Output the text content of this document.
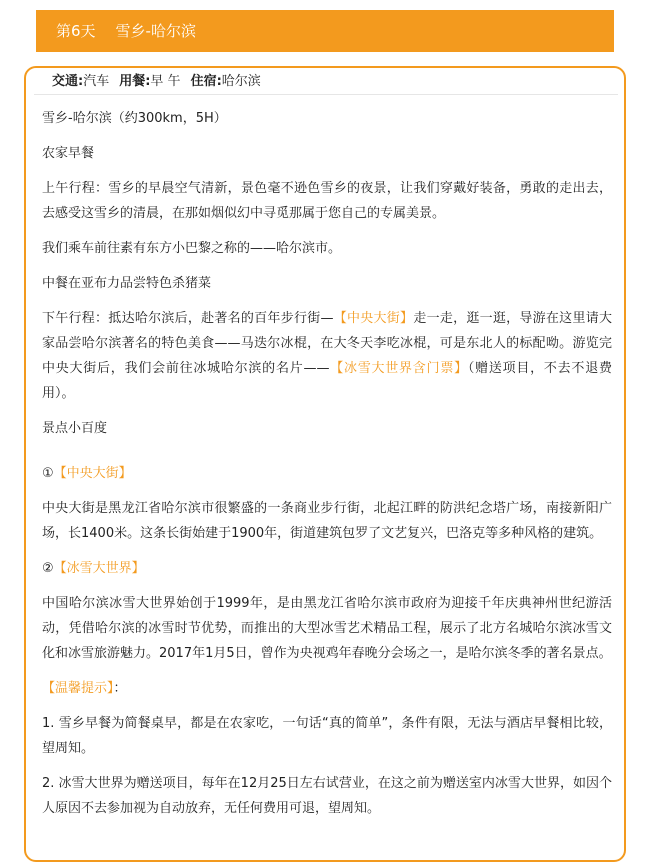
第6天 雪乡-哈尔滨
交通:汽车 用餐:早 午 住宿:哈尔滨

雪乡-哈尔滨（约300km，5H）

农家早餐

上午行程：雪乡的早晨空气清新，景色毫不逊色雪乡的夜景，让我们穿戴好装备，勇敢的走出去，去感受这雪乡的清晨，在那如烟似幻中寻觅那属于您自己的专属美景。

我们乘车前往素有东方小巴黎之称的——哈尔滨市。

中餐在亚布力品尝特色杀猪菜

下午行程：抵达哈尔滨后，赴著名的百年步行街—【中央大街】走一走，逛一逛，导游在这里请大家品尝哈尔滨著名的特色美食——马迭尔冰棍，在大冬天李吃冰棍，可是东北人的标配呦。游览完中央大街后，我们会前往冰城哈尔滨的名片——【冰雪大世界含门票】（赠送项目，不去不退费用）。

景点小百度

①【中央大街】

中央大街是黑龙江省哈尔滨市很繁盛的一条商业步行街，北起江畔的防洪纪念塔广场，南接新阳广场，长1400米。这条长街始建于1900年，街道建筑包罗了文艺复兴，巴洛克等多种风格的建筑。

②【冰雪大世界】

中国哈尔滨冰雪大世界始创于1999年，是由黑龙江省哈尔滨市政府为迎接千年庆典神州世纪游活动，凭借哈尔滨的冰雪时节优势，而推出的大型冰雪艺术精品工程，展示了北方名城哈尔滨冰雪文化和冰雪旅游魅力。2017年1月5日，曾作为央视鸡年春晚分会场之一，是哈尔滨冬季的著名景点。

【温馨提示】：

1. 雪乡早餐为简餐桌早，都是在农家吃，一句话“真的简单”，条件有限，无法与酒店早餐相比较，望周知。

2. 冰雪大世界为赠送项目，每年在12月25日左右试营业，在这之前为赠送室内冰雪大世界，如因个人原因不去参加视为自动放弃，无任何费用可退，望周知。
